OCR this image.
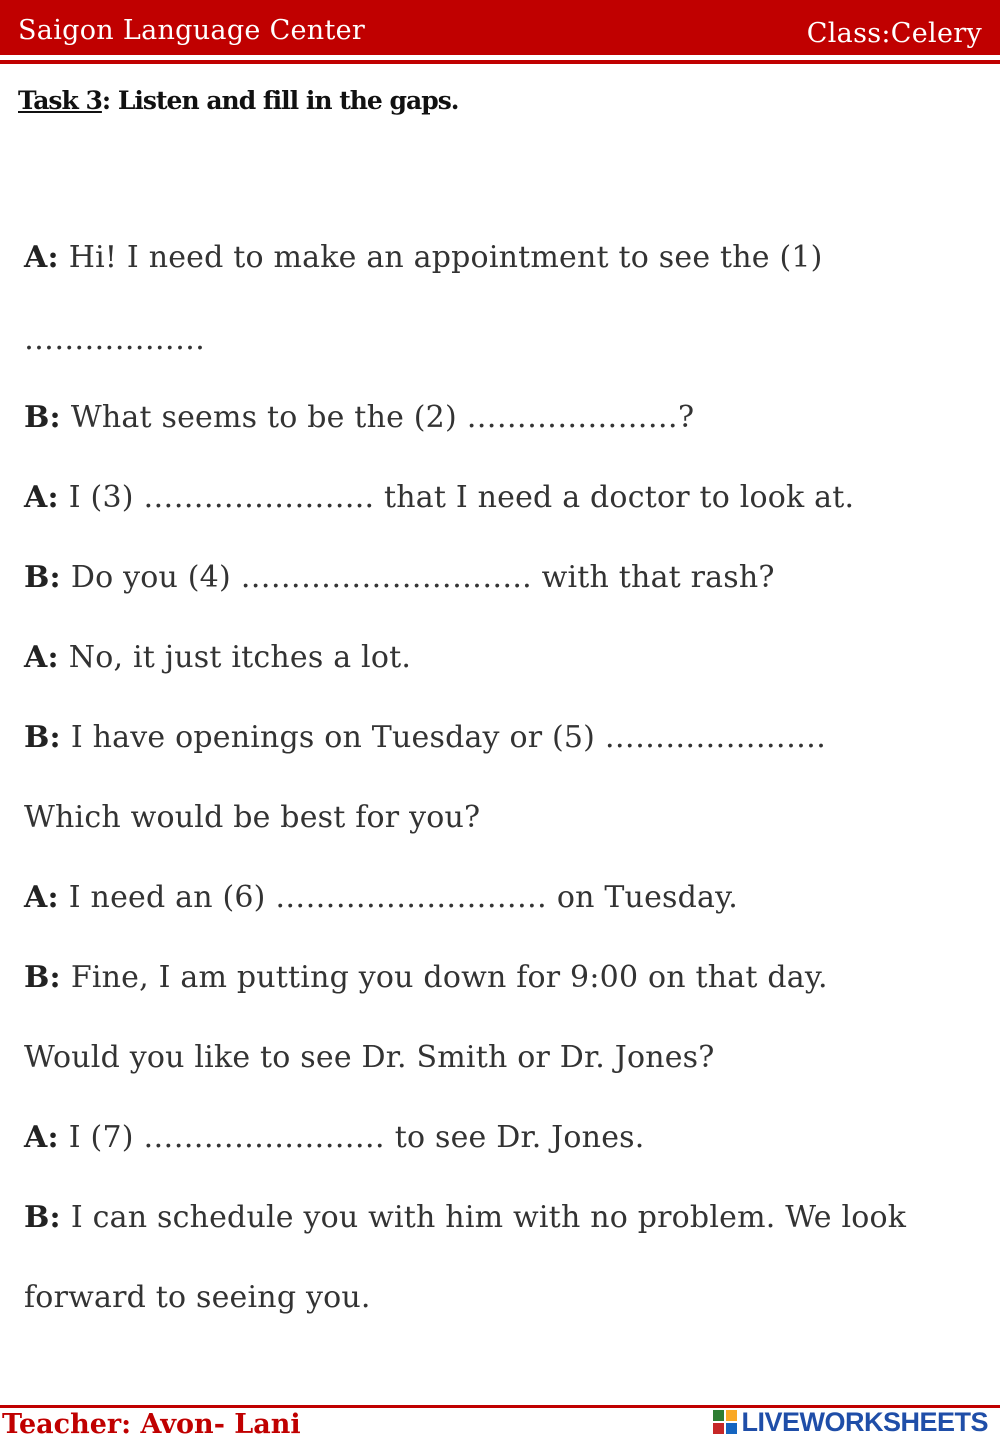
Saigon Language Center	Class:Celery
Task 3: Listen and fill in the gaps.
A: Hi! I need to make an appointment to see the (1)
………………
B: What seems to be the (2) …………………?
A: I (3) ………………….. that I need a doctor to look at.
B: Do you (4) ……………………….. with that rash?
A: No, it just itches a lot.
B: I have openings on Tuesday or (5) ………………….
Which would be best for you?
A: I need an (6) ……………………… on Tuesday.
B: Fine, I am putting you down for 9:00 on that day.
Would you like to see Dr. Smith or Dr. Jones?
A: I (7) …………………… to see Dr. Jones.
B: I can schedule you with him with no problem. We look
forward to seeing you.
Teacher: Avon- Lani	LIVEWORKSHEETS
